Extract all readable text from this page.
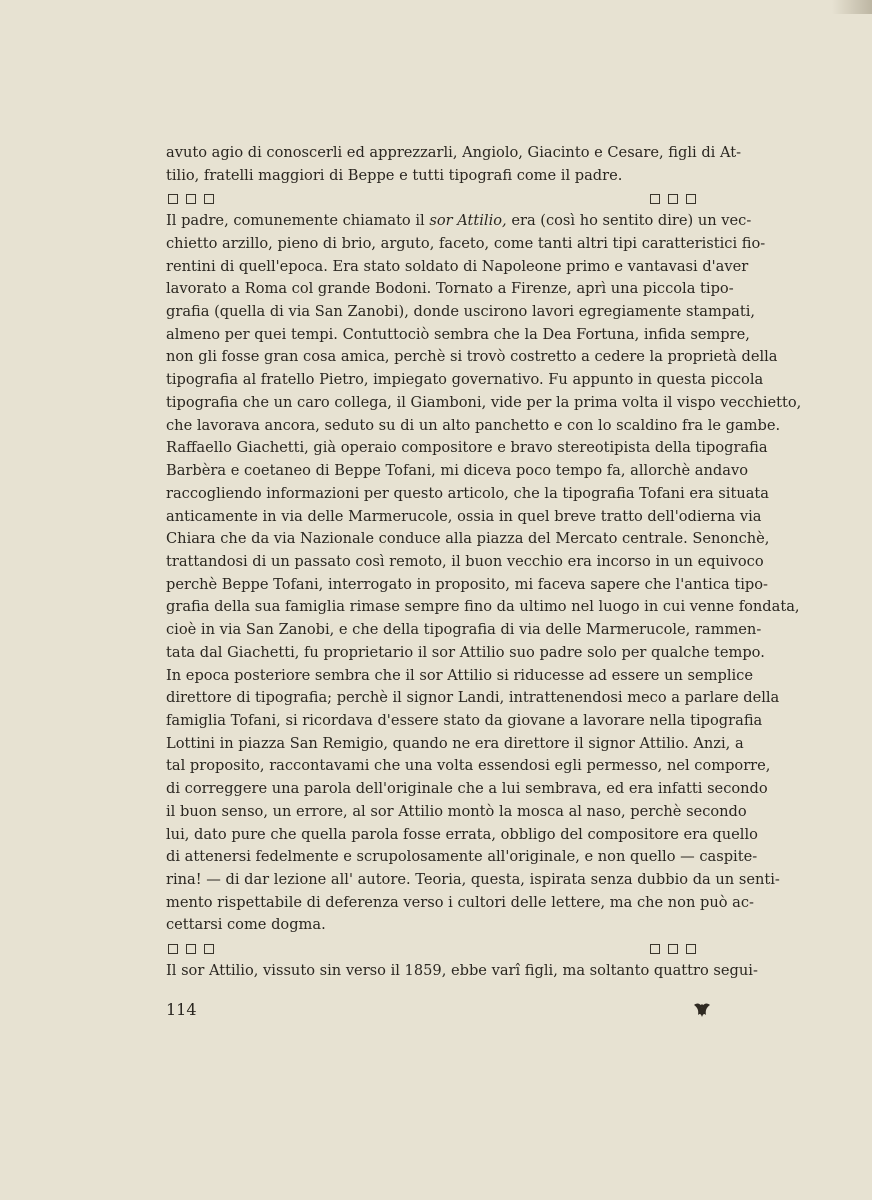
avuto agio di conoscerli ed apprezzarli, Angiolo, Giacinto e Cesare, figli di At-
tilio, fratelli maggiori di Beppe e tutti tipografi come il padre.
Il padre, comunemente chiamato il sor Attilio, era (così ho sentito dire) un vec-
chietto arzillo, pieno di brio, arguto, faceto, come tanti altri tipi caratteristici fio-
rentini di quell'epoca. Era stato soldato di Napoleone primo e vantavasi d'aver
lavorato a Roma col grande Bodoni. Tornato a Firenze, aprì una piccola tipo-
grafia (quella di via San Zanobi), donde uscirono lavori egregiamente stampati,
almeno per quei tempi. Contuttociò sembra che la Dea Fortuna, infida sempre,
non gli fosse gran cosa amica, perchè si trovò costretto a cedere la proprietà della
tipografia al fratello Pietro, impiegato governativo. Fu appunto in questa piccola
tipografia che un caro collega, il Giamboni, vide per la prima volta il vispo vecchietto,
che lavorava ancora, seduto su di un alto panchetto e con lo scaldino fra le gambe.
Raffaello Giachetti, già operaio compositore e bravo stereotipista della tipografia
Barbèra e coetaneo di Beppe Tofani, mi diceva poco tempo fa, allorchè andavo
raccogliendo informazioni per questo articolo, che la tipografia Tofani era situata
anticamente in via delle Marmerucole, ossia in quel breve tratto dell'odierna via
Chiara che da via Nazionale conduce alla piazza del Mercato centrale. Senonchè,
trattandosi di un passato così remoto, il buon vecchio era incorso in un equivoco
perchè Beppe Tofani, interrogato in proposito, mi faceva sapere che l'antica tipo-
grafia della sua famiglia rimase sempre fino da ultimo nel luogo in cui venne fondata,
cioè in via San Zanobi, e che della tipografia di via delle Marmerucole, rammen-
tata dal Giachetti, fu proprietario il sor Attilio suo padre solo per qualche tempo.
In epoca posteriore sembra che il sor Attilio si riducesse ad essere un semplice
direttore di tipografia; perchè il signor Landi, intrattenendosi meco a parlare della
famiglia Tofani, si ricordava d'essere stato da giovane a lavorare nella tipografia
Lottini in piazza San Remigio, quando ne era direttore il signor Attilio. Anzi, a
tal proposito, raccontavami che una volta essendosi egli permesso, nel comporre,
di correggere una parola dell'originale che a lui sembrava, ed era infatti secondo
il buon senso, un errore, al sor Attilio montò la mosca al naso, perchè secondo
lui, dato pure che quella parola fosse errata, obbligo del compositore era quello
di attenersi fedelmente e scrupolosamente all'originale, e non quello — caspite-
rina! — di dar lezione all' autore. Teoria, questa, ispirata senza dubbio da un senti-
mento rispettabile di deferenza verso i cultori delle lettere, ma che non può ac-
cettarsi come dogma.
Il sor Attilio, vissuto sin verso il 1859, ebbe varî figli, ma soltanto quattro segui-
114
